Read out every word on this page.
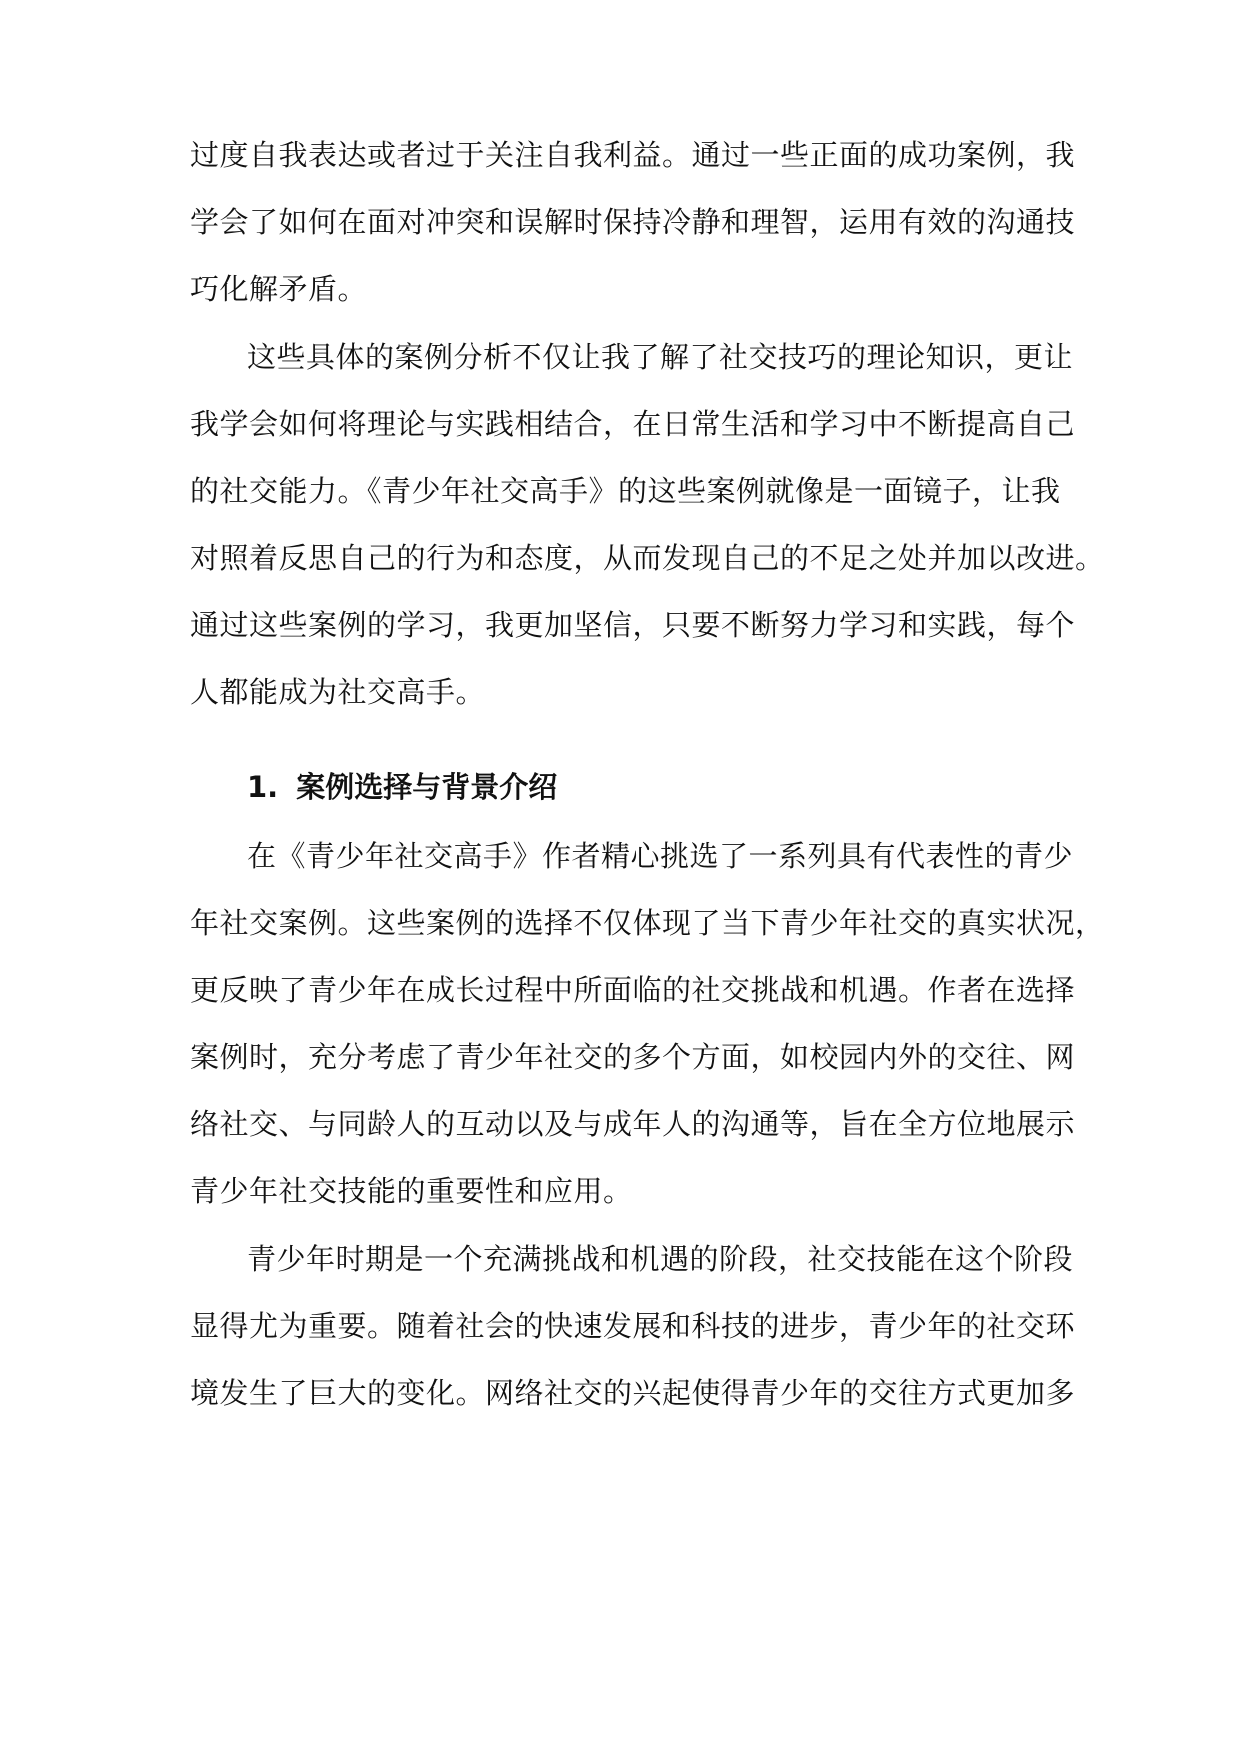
过度自我表达或者过于关注自我利益。通过一些正面的成功案例，我
学会了如何在面对冲突和误解时保持冷静和理智，运用有效的沟通技
巧化解矛盾。
这些具体的案例分析不仅让我了解了社交技巧的理论知识，更让
我学会如何将理论与实践相结合，在日常生活和学习中不断提高自己
的社交能力。《青少年社交高手》的这些案例就像是一面镜子，让我
对照着反思自己的行为和态度，从而发现自己的不足之处并加以改进。
通过这些案例的学习，我更加坚信，只要不断努力学习和实践，每个
人都能成为社交高手。
1. 案例选择与背景介绍
在《青少年社交高手》作者精心挑选了一系列具有代表性的青少
年社交案例。这些案例的选择不仅体现了当下青少年社交的真实状况，
更反映了青少年在成长过程中所面临的社交挑战和机遇。作者在选择
案例时，充分考虑了青少年社交的多个方面，如校园内外的交往、网
络社交、与同龄人的互动以及与成年人的沟通等，旨在全方位地展示
青少年社交技能的重要性和应用。
青少年时期是一个充满挑战和机遇的阶段，社交技能在这个阶段
显得尤为重要。随着社会的快速发展和科技的进步，青少年的社交环
境发生了巨大的变化。网络社交的兴起使得青少年的交往方式更加多
